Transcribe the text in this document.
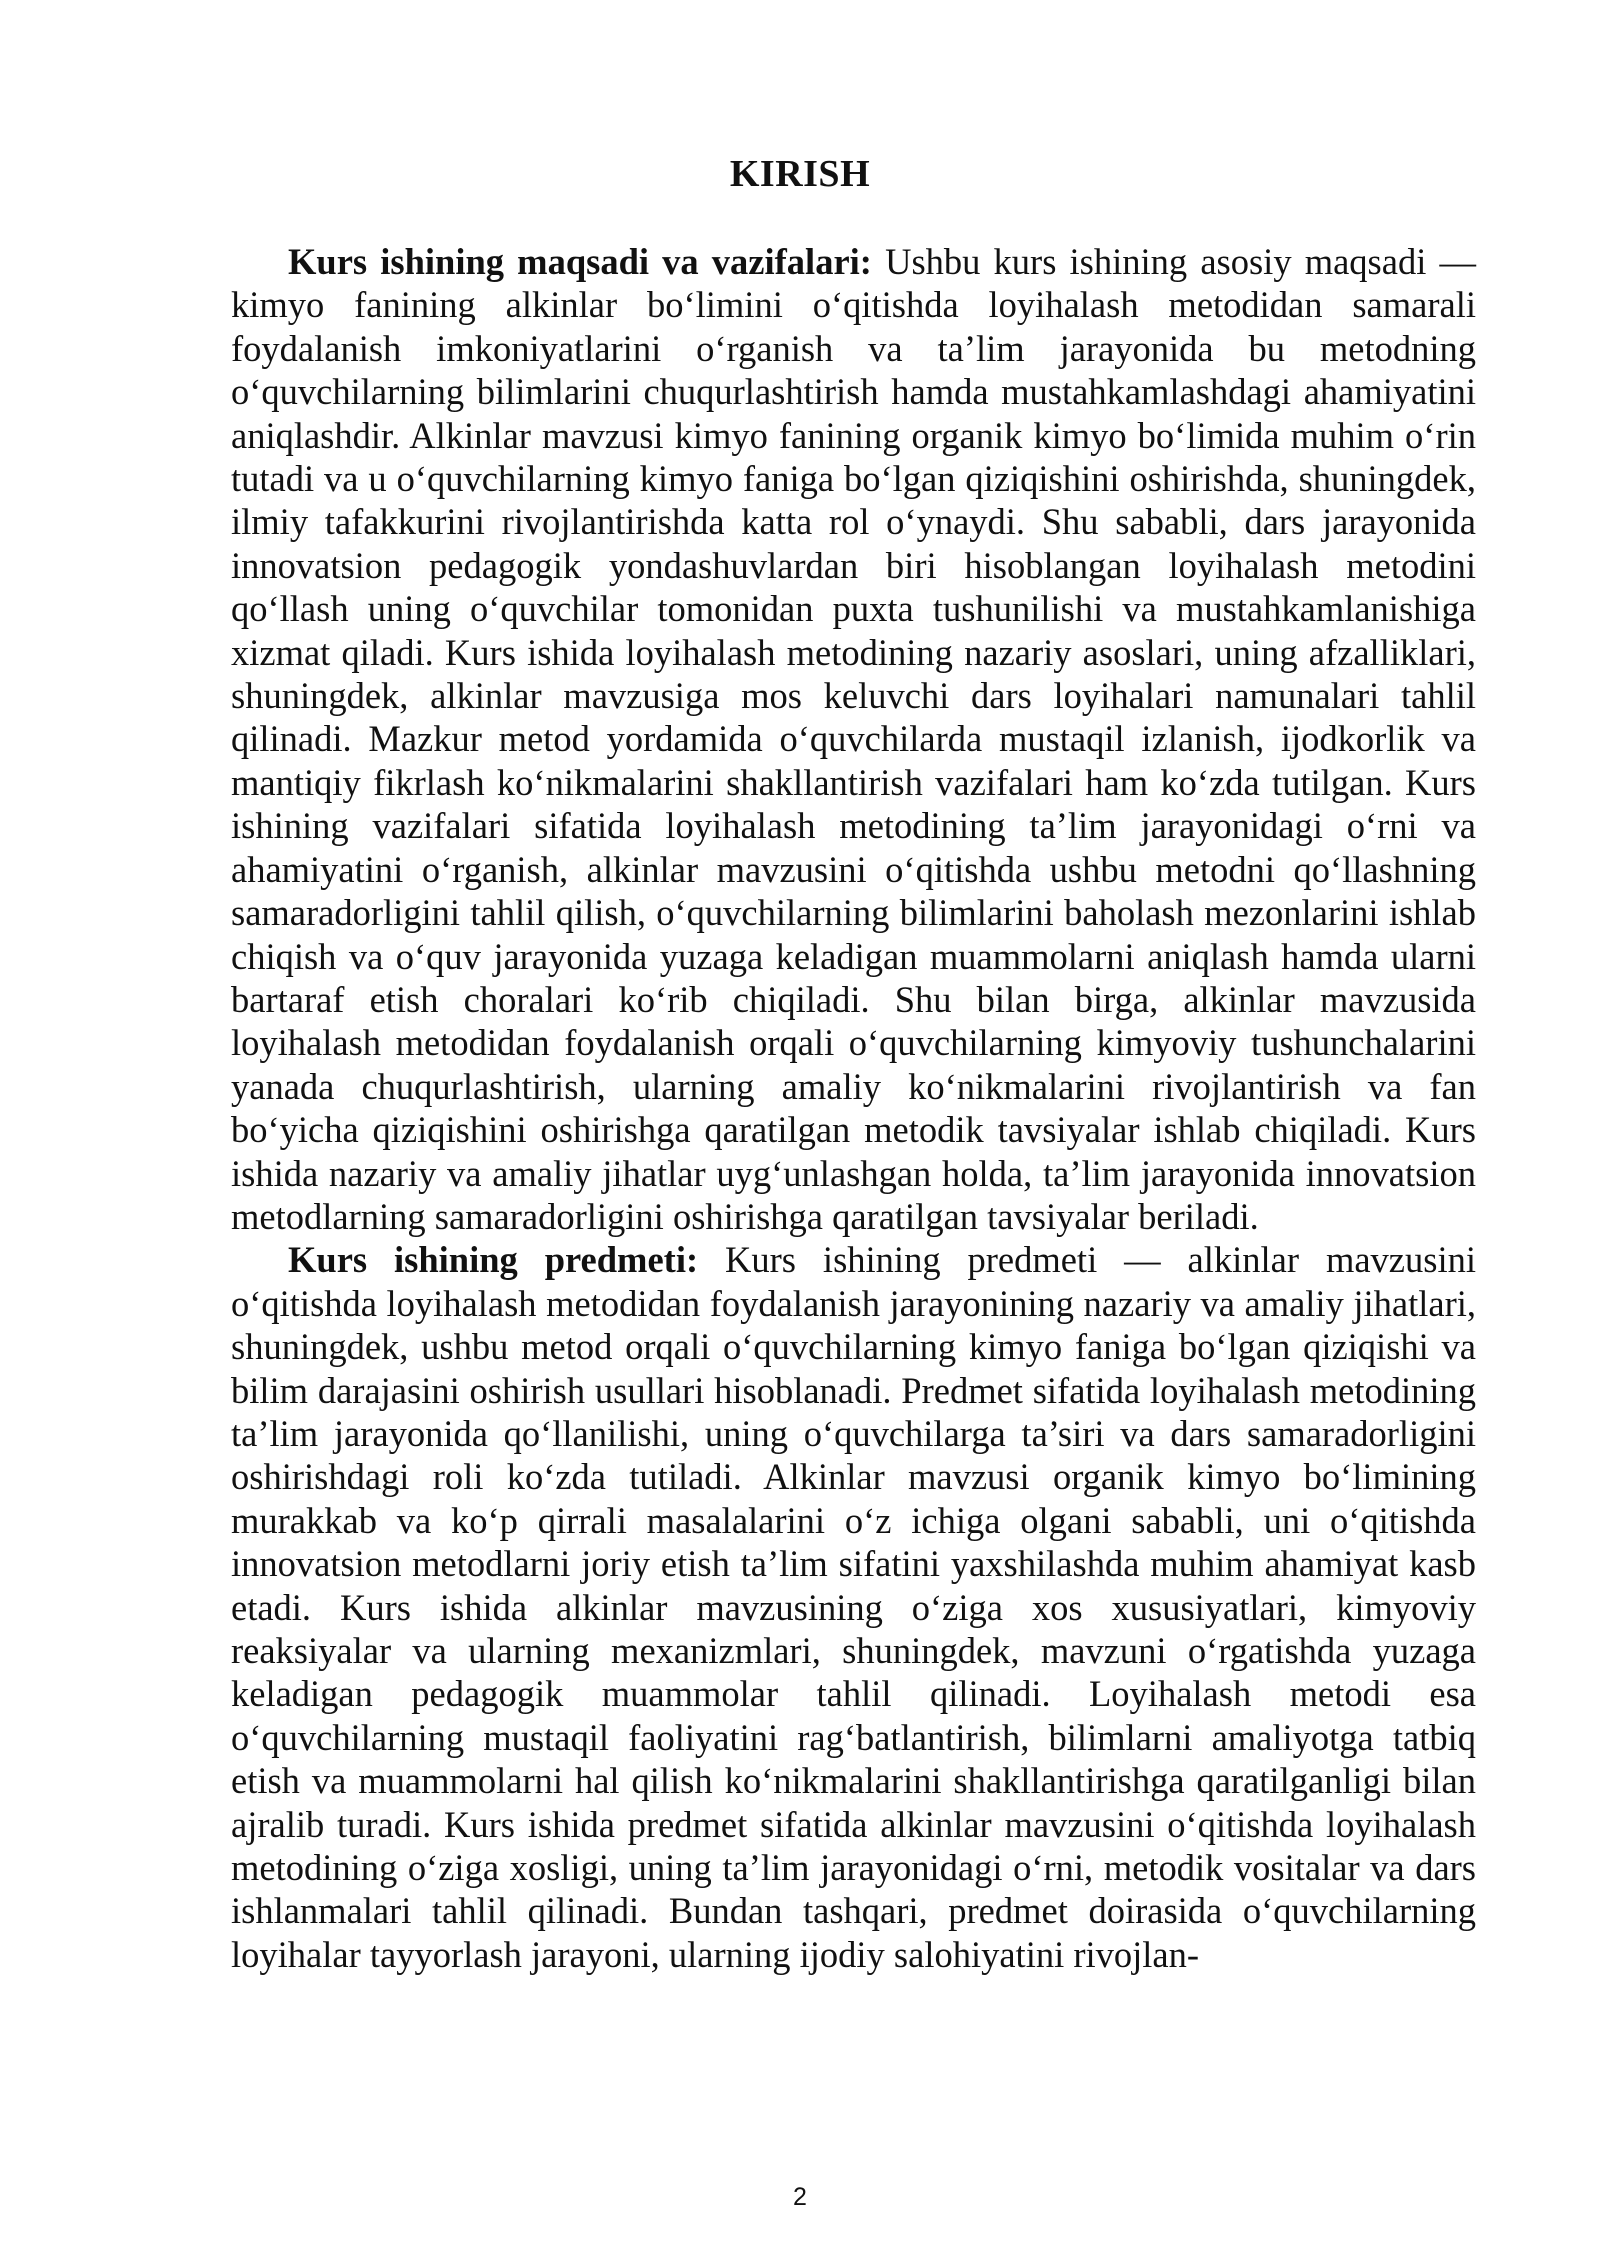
KIRISH

Kurs ishining maqsadi va vazifalari: Ushbu kurs ishining asosiy maqsadi — kimyo fanining alkinlar bo‘limini o‘qitishda loyihalash metodidan samarali foydalanish imkoniyatlarini o‘rganish va ta’lim jarayonida bu metodning o‘quvchilarning bilimlarini chuqurlashtirish hamda mustahkamlashdagi ahamiyatini aniqlashdir. Alkinlar mavzusi kimyo fanining organik kimyo bo‘limida muhim o‘rin tutadi va u o‘quvchilarning kimyo faniga bo‘lgan qiziqishini oshirishda, shuningdek, ilmiy tafakkurini rivojlantirishda katta rol o‘ynaydi. Shu sababli, dars jarayonida innovatsion pedagogik yondashuvlardan biri hisoblangan loyihalash metodini qo‘llash uning o‘quvchilar tomonidan puxta tushunilishi va mustahkamlanishiga xizmat qiladi. Kurs ishida loyihalash metodining nazariy asoslari, uning afzalliklari, shuningdek, alkinlar mavzusiga mos keluvchi dars loyihalari namunalari tahlil qilinadi. Mazkur metod yordamida o‘quvchilarda mustaqil izlanish, ijodkorlik va mantiqiy fikrlash ko‘nikmalarini shakllantirish vazifalari ham ko‘zda tutilgan. Kurs ishining vazifalari sifatida loyihalash metodining ta’lim jarayonidagi o‘rni va ahamiyatini o‘rganish, alkinlar mavzusini o‘qitishda ushbu metodni qo‘llashning samaradorligini tahlil qilish, o‘quvchilarning bilimlarini baholash mezonlarini ishlab chiqish va o‘quv jarayonida yuzaga keladigan muammolarni aniqlash hamda ularni bartaraf etish choralari ko‘rib chiqiladi. Shu bilan birga, alkinlar mavzusida loyihalash metodidan foydalanish orqali o‘quvchilarning kimyoviy tushunchalarini yanada chuqurlashtirish, ularning amaliy ko‘nikmalarini rivojlantirish va fan bo‘yicha qiziqishini oshirishga qaratilgan metodik tavsiyalar ishlab chiqiladi. Kurs ishida nazariy va amaliy jihatlar uyg‘unlashgan holda, ta’lim jarayonida innovatsion metodlarning samaradorligini oshirishga qaratilgan tavsiyalar beriladi.

Kurs ishining predmeti: Kurs ishining predmeti — alkinlar mavzusini o‘qitishda loyihalash metodidan foydalanish jarayonining nazariy va amaliy jihatlari, shuningdek, ushbu metod orqali o‘quvchilarning kimyo faniga bo‘lgan qiziqishi va bilim darajasini oshirish usullari hisoblanadi. Predmet sifatida loyihalash metodining ta’lim jarayonida qo‘llanilishi, uning o‘quvchilarga ta’siri va dars samaradorligini oshirishdagi roli ko‘zda tutiladi. Alkinlar mavzusi organik kimyo bo‘limining murakkab va ko‘p qirrali masalalarini o‘z ichiga olgani sababli, uni o‘qitishda innovatsion metodlarni joriy etish ta’lim sifatini yaxshilashda muhim ahamiyat kasb etadi. Kurs ishida alkinlar mavzusining o‘ziga xos xususiyatlari, kimyoviy reaksiyalar va ularning mexanizmlari, shuningdek, mavzuni o‘rgatishda yuzaga keladigan pedagogik muammolar tahlil qilinadi. Loyihalash metodi esa o‘quvchilarning mustaqil faoliyatini rag‘batlantirish, bilimlarni amaliyotga tatbiq etish va muammolarni hal qilish ko‘nikmalarini shakllantirishga qaratilganligi bilan ajralib turadi. Kurs ishida predmet sifatida alkinlar mavzusini o‘qitishda loyihalash metodining o‘ziga xosligi, uning ta’lim jarayonidagi o‘rni, metodik vositalar va dars ishlanmalari tahlil qilinadi. Bundan tashqari, predmet doirasida o‘quvchilarning loyihalar tayyorlash jarayoni, ularning ijodiy salohiyatini rivojlan-

2
